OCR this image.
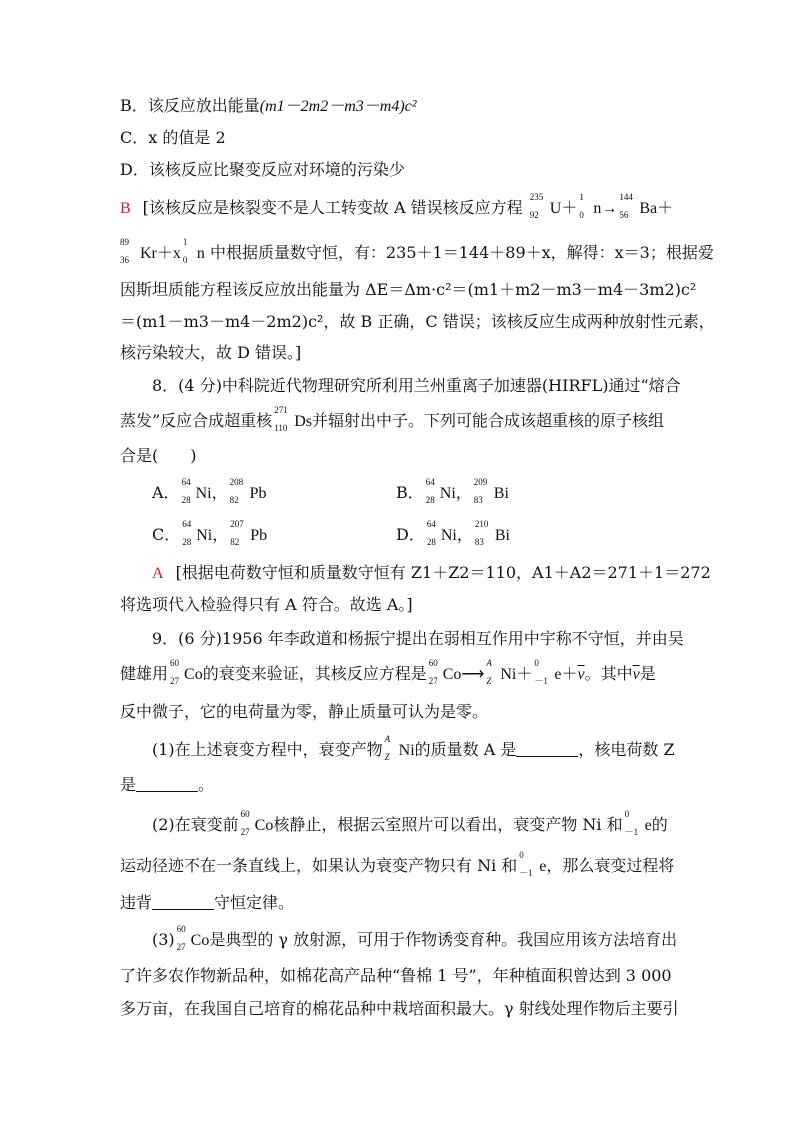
B．该反应放出能量(m1－2m2－m3－m4)c²
C．x 的值是 2
D．该核反应比聚变反应对环境的污染少
B [该核反应是核裂变不是人工转变故 A 错误核反应方程
235
92 U＋
1
0 n→
144
56 Ba＋
89
36 Kr＋x
1
0 n 中根据质量数守恒，有：235＋1＝144＋89＋x，解得：x＝3；根据爱
因斯坦质能方程该反应放出能量为 ΔE＝Δm·c²＝(m1＋m2－m3－m4－3m2)c²
＝(m1－m3－m4－2m2)c²，故 B 正确，C 错误；该核反应生成两种放射性元素，
核污染较大，故 D 错误。]
8．(4 分)中科院近代物理研究所利用兰州重离子加速器(HIRFL)通过“熔合
蒸发”反应合成超重核
271
110 Ds并辐射出中子。下列可能合成该超重核的原子核组
合是(　　)
A．
64
28 Ni，
208
82 Pb	B．
64
28 Ni，
209
83 Bi
C．
64
28 Ni，
207
82 Pb	D．
64
28 Ni，
210
83 Bi
A [根据电荷数守恒和质量数守恒有 Z1＋Z2＝110，A1＋A2＝271＋1＝272
将选项代入检验得只有 A 符合。故选 A。]
9．(6 分)1956 年李政道和杨振宁提出在弱相互作用中宇称不守恒，并由吴
健雄用
60
27 Co的衰变来验证，其核反应方程是
60
27 Co⟶
A
Z Ni＋
0
－1 $e+\overline{v}$。其中$\overline{v}$是
反中微子，它的电荷量为零，静止质量可认为是零。
(1)在上述衰变方程中，衰变产物
A
Z Ni的质量数 A 是	，核电荷数 Z
是	。
(2)在衰变前
60
27 Co核静止，根据云室照片可以看出，衰变产物 Ni 和
0
－1 e的
运动径迹不在一条直线上，如果认为衰变产物只有 Ni 和
0
－1 e，那么衰变过程将
违背	守恒定律。
(3)
60
27 Co是典型的 γ 放射源，可用于作物诱变育种。我国应用该方法培育出
了许多农作物新品种，如棉花高产品种“鲁棉 1 号”，年种植面积曾达到 3 000
多万亩，在我国自己培育的棉花品种中栽培面积最大。γ 射线处理作物后主要引
